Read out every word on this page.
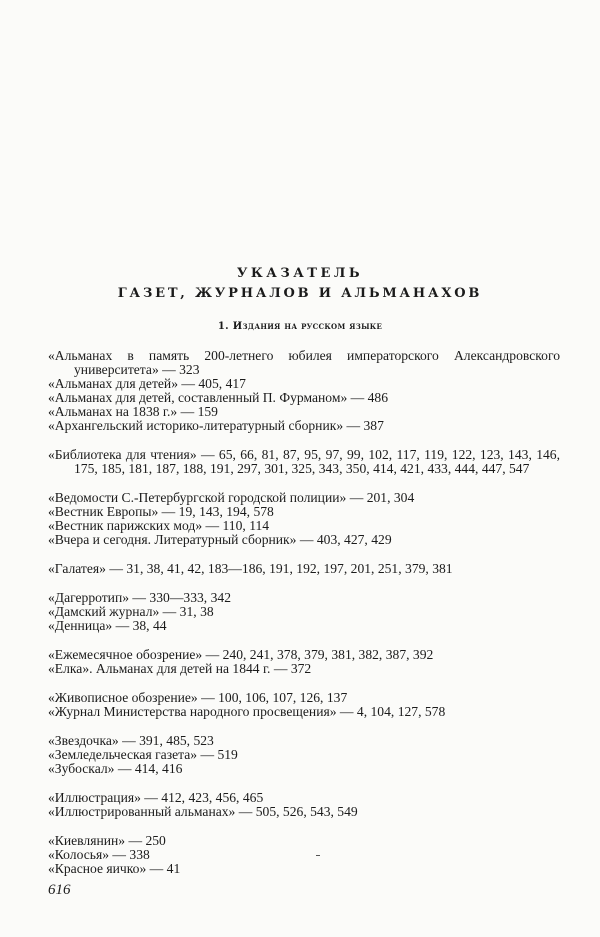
УКАЗАТЕЛЬ
ГАЗЕТ, ЖУРНАЛОВ И АЛЬМАНАХОВ
1. Издания на русском языке
«Альманах в память 200-летнего юбилея императорского Александровского университета» — 323
«Альманах для детей» — 405, 417
«Альманах для детей, составленный П. Фурманом» — 486
«Альманах на 1838 г.» — 159
«Архангельский историко-литературный сборник» — 387
«Библиотека для чтения» — 65, 66, 81, 87, 95, 97, 99, 102, 117, 119, 122, 123, 143, 146, 175, 185, 181, 187, 188, 191, 297, 301, 325, 343, 350, 414, 421, 433, 444, 447, 547
«Ведомости С.-Петербургской городской полиции» — 201, 304
«Вестник Европы» — 19, 143, 194, 578
«Вестник парижских мод» — 110, 114
«Вчера и сегодня. Литературный сборник» — 403, 427, 429
«Галатея» — 31, 38, 41, 42, 183—186, 191, 192, 197, 201, 251, 379, 381
«Дагерротип» — 330—333, 342
«Дамский журнал» — 31, 38
«Денница» — 38, 44
«Ежемесячное обозрение» — 240, 241, 378, 379, 381, 382, 387, 392
«Елка». Альманах для детей на 1844 г. — 372
«Живописное обозрение» — 100, 106, 107, 126, 137
«Журнал Министерства народного просвещения» — 4, 104, 127, 578
«Звездочка» — 391, 485, 523
«Земледельческая газета» — 519
«Зубоскал» — 414, 416
«Иллюстрация» — 412, 423, 456, 465
«Иллюстрированный альманах» — 505, 526, 543, 549
«Киевлянин» — 250
«Колосья» — 338
«Красное яичко» — 41
616
